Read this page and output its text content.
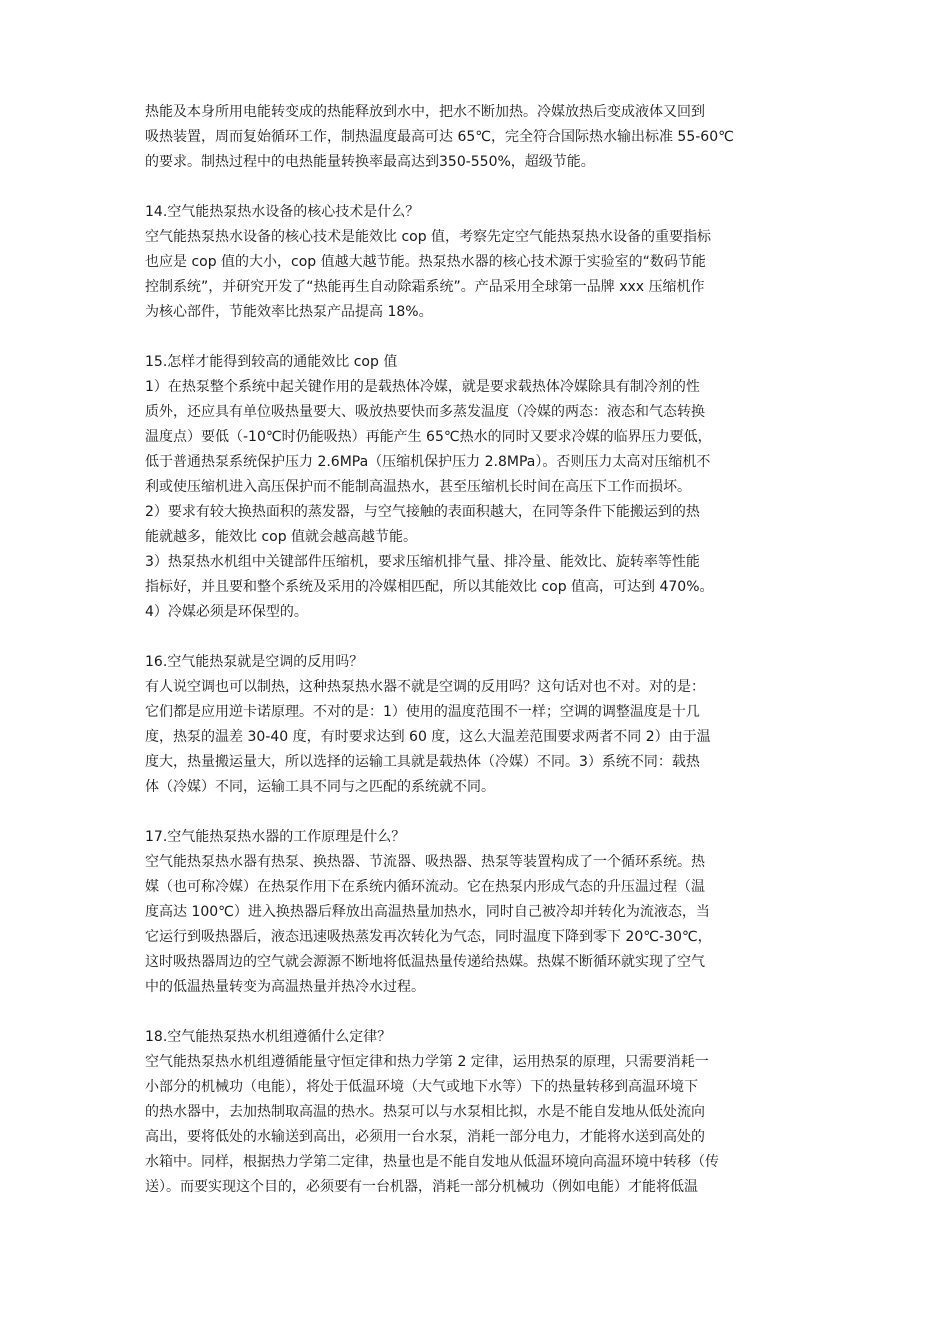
热能及本身所用电能转变成的热能释放到水中，把水不断加热。冷媒放热后变成液体又回到
吸热装置，周而复始循环工作，制热温度最高可达 65℃，完全符合国际热水输出标准 55-60℃
的要求。制热过程中的电热能量转换率最高达到350-550%，超级节能。

14.空气能热泵热水设备的核心技术是什么？

空气能热泵热水设备的核心技术是能效比 cop 值，考察先定空气能热泵热水设备的重要指标
也应是 cop 值的大小，cop 值越大越节能。热泵热水器的核心技术源于实验室的“数码节能
控制系统”，并研究开发了“热能再生自动除霜系统”。产品采用全球第一品牌 xxx 压缩机作
为核心部件，节能效率比热泵产品提高 18%。

15.怎样才能得到较高的通能效比 cop 值

1）在热泵整个系统中起关键作用的是载热体冷媒，就是要求载热体冷媒除具有制冷剂的性
质外，还应具有单位吸热量要大、吸放热要快而多蒸发温度（冷媒的两态：液态和气态转换
温度点）要低（-10℃时仍能吸热）再能产生 65℃热水的同时又要求冷媒的临界压力要低，
低于普通热泵系统保护压力 2.6MPa（压缩机保护压力 2.8MPa）。否则压力太高对压缩机不
利或使压缩机进入高压保护而不能制高温热水，甚至压缩机长时间在高压下工作而损坏。
2）要求有较大换热面积的蒸发器，与空气接触的表面积越大，在同等条件下能搬运到的热
能就越多，能效比 cop 值就会越高越节能。
3）热泵热水机组中关键部件压缩机，要求压缩机排气量、排冷量、能效比、旋转率等性能
指标好，并且要和整个系统及采用的冷媒相匹配，所以其能效比 cop 值高，可达到 470%。
4）冷媒必须是环保型的。

16.空气能热泵就是空调的反用吗？

有人说空调也可以制热，这种热泵热水器不就是空调的反用吗？这句话对也不对。对的是：
它们都是应用逆卡诺原理。不对的是：1）使用的温度范围不一样；空调的调整温度是十几
度，热泵的温差 30-40 度，有时要求达到 60 度，这么大温差范围要求两者不同 2）由于温
度大，热量搬运量大，所以选择的运输工具就是载热体（冷媒）不同。3）系统不同：载热
体（冷媒）不同，运输工具不同与之匹配的系统就不同。

17.空气能热泵热水器的工作原理是什么？

空气能热泵热水器有热泵、换热器、节流器、吸热器、热泵等装置构成了一个循环系统。热
媒（也可称冷媒）在热泵作用下在系统内循环流动。它在热泵内形成气态的升压温过程（温
度高达 100℃）进入换热器后释放出高温热量加热水，同时自己被冷却并转化为流液态，当
它运行到吸热器后，液态迅速吸热蒸发再次转化为气态，同时温度下降到零下 20℃-30℃，
这时吸热器周边的空气就会源源不断地将低温热量传递给热媒。热媒不断循环就实现了空气
中的低温热量转变为高温热量并热冷水过程。

18.空气能热泵热水机组遵循什么定律？

空气能热泵热水机组遵循能量守恒定律和热力学第 2 定律，运用热泵的原理，只需要消耗一
小部分的机械功（电能），将处于低温环境（大气或地下水等）下的热量转移到高温环境下
的热水器中，去加热制取高温的热水。热泵可以与水泵相比拟，水是不能自发地从低处流向
高出，要将低处的水输送到高出，必须用一台水泵，消耗一部分电力，才能将水送到高处的
水箱中。同样，根据热力学第二定律，热量也是不能自发地从低温环境向高温环境中转移（传
送）。而要实现这个目的，必须要有一台机器，消耗一部分机械功（例如电能）才能将低温
